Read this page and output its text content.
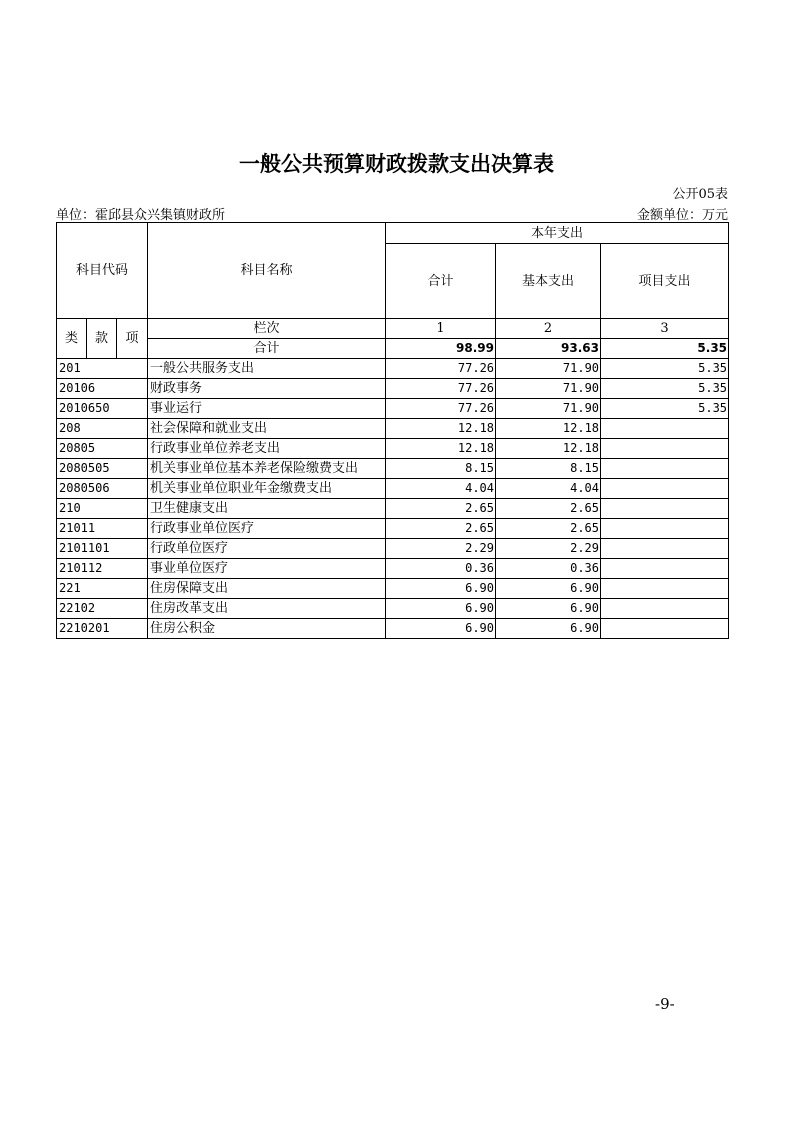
一般公共预算财政拨款支出决算表
公开05表
单位：霍邱县众兴集镇财政所	金额单位：万元
科目代码			科目名称	本年支出		
				合计	基本支出	项目支出
类	款	项	栏次	1	2	3
			合计	98.99	93.63	5.35
201			一般公共服务支出	77.26	71.90	5.35
20106			财政事务	77.26	71.90	5.35
2010650			事业运行	77.26	71.90	5.35
208			社会保障和就业支出	12.18	12.18	
20805			行政事业单位养老支出	12.18	12.18	
2080505			机关事业单位基本养老保险缴费支出	8.15	8.15	
2080506			机关事业单位职业年金缴费支出	4.04	4.04	
210			卫生健康支出	2.65	2.65	
21011			行政事业单位医疗	2.65	2.65	
2101101			行政单位医疗	2.29	2.29	
210112			事业单位医疗	0.36	0.36	
221			住房保障支出	6.90	6.90	
22102			住房改革支出	6.90	6.90	
2210201			住房公积金	6.90	6.90	
-9-
